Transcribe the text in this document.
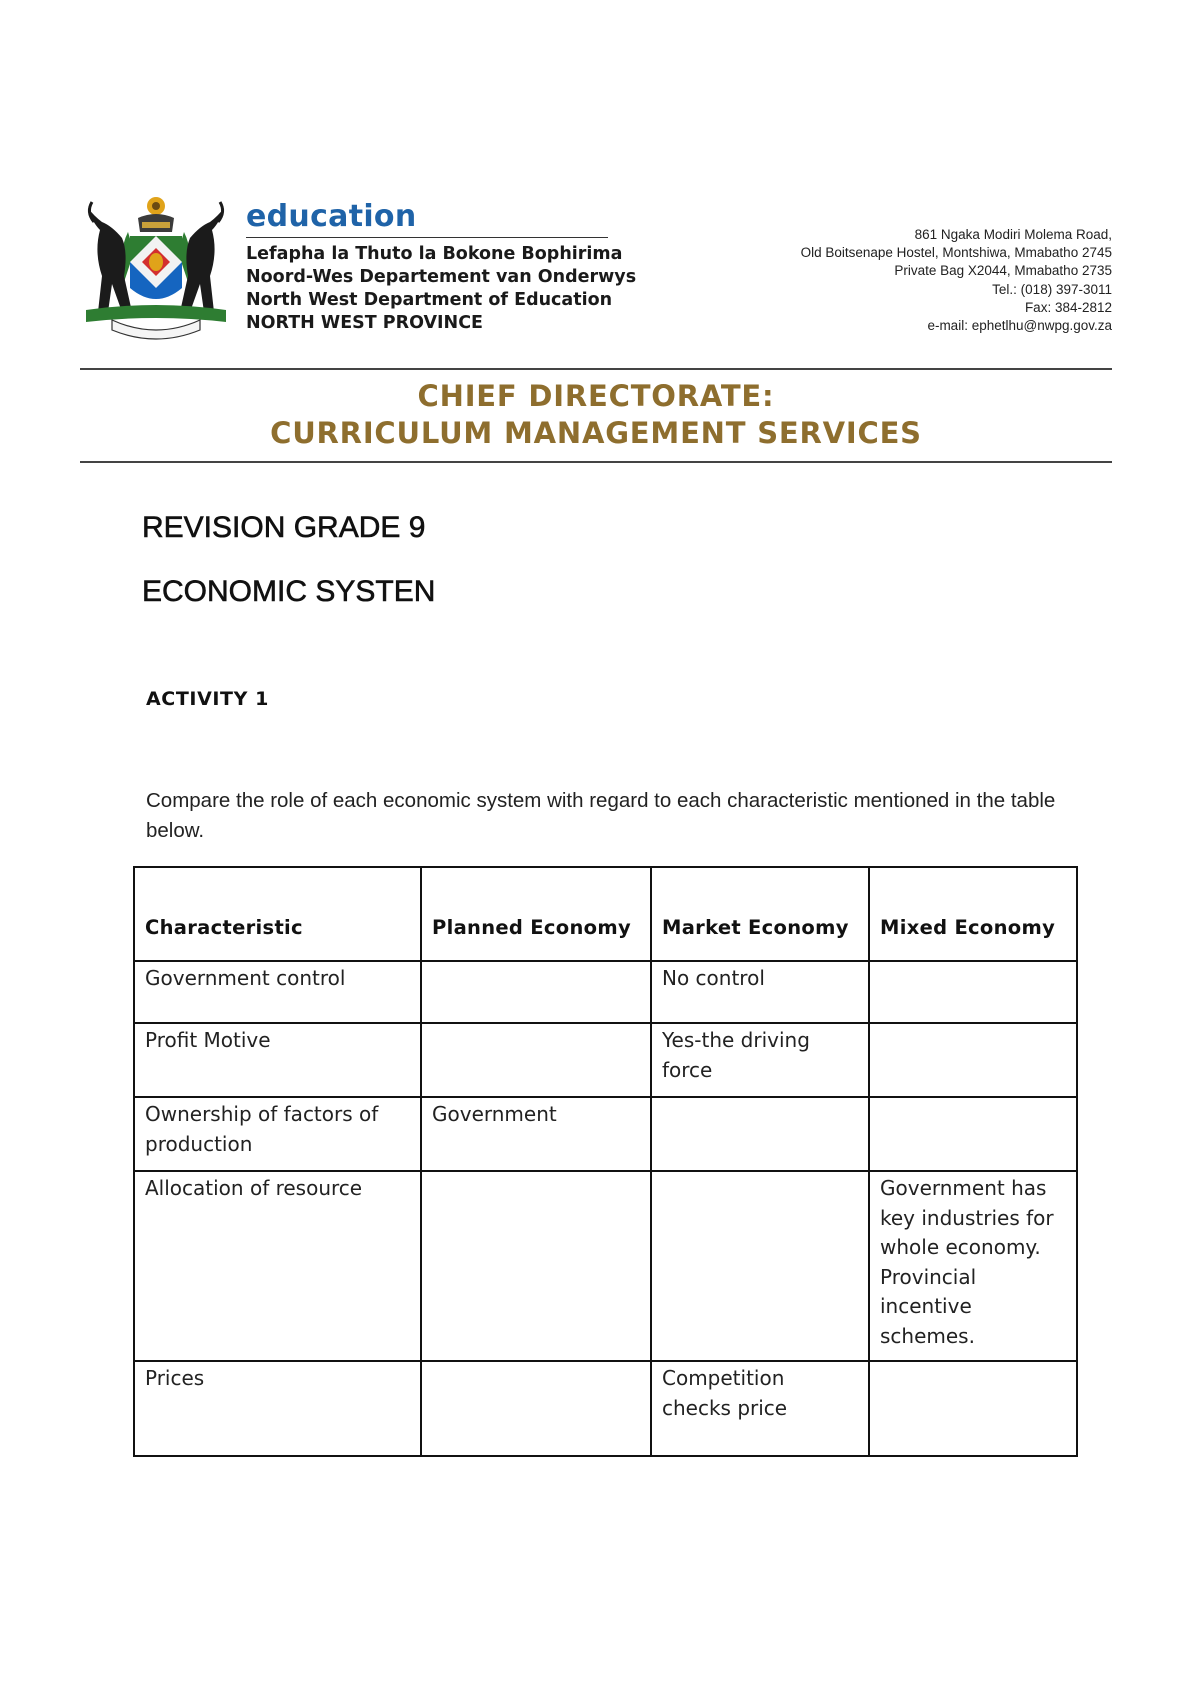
education
Lefapha la Thuto la Bokone Bophirima
Noord-Wes Departement van Onderwys
North West Department of Education
NORTH WEST PROVINCE
861 Ngaka Modiri Molema Road,
Old Boitsenape Hostel, Montshiwa, Mmabatho 2745
Private Bag X2044, Mmabatho 2735
Tel.: (018) 397-3011
Fax: 384-2812
e-mail: ephetlhu@nwpg.gov.za
CHIEF DIRECTORATE:
CURRICULUM MANAGEMENT SERVICES
REVISION GRADE 9
ECONOMIC SYSTEN
ACTIVITY 1
Compare the role of each economic system with regard to each characteristic mentioned in the table below.
Characteristic	Planned Economy	Market Economy	Mixed Economy
Government control		No control	
Profit Motive		Yes-the driving force	
Ownership of factors of production	Government		
Allocation of resource			Government has key industries for whole economy. Provincial incentive schemes.
Prices		Competition checks price	
